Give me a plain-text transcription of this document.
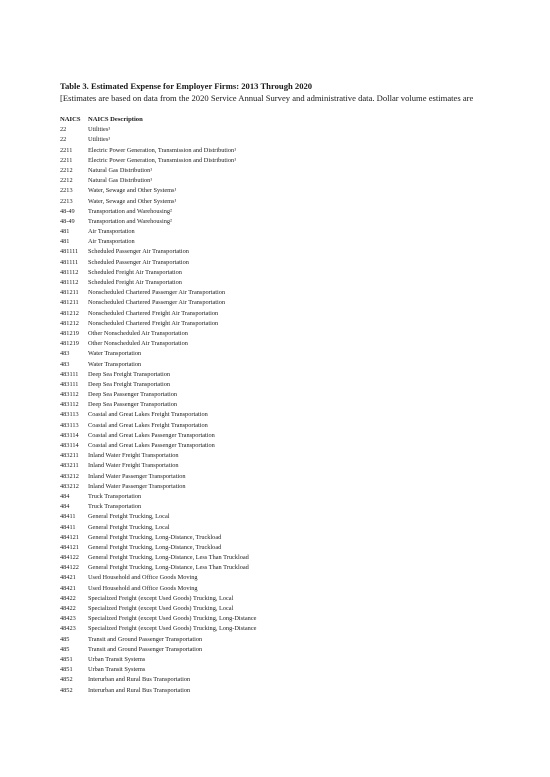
Table 3. Estimated Expense for Employer Firms: 2013 Through 2020
[Estimates are based on data from the 2020 Service Annual Survey and administrative data. Dollar volume estimates are
NAICS	NAICS Description
22	Utilities¹
22	Utilities¹
2211	Electric Power Generation, Transmission and Distribution¹
2211	Electric Power Generation, Transmission and Distribution¹
2212	Natural Gas Distribution¹
2212	Natural Gas Distribution¹
2213	Water, Sewage and Other Systems¹
2213	Water, Sewage and Other Systems¹
48-49	Transportation and Warehousing²
48-49	Transportation and Warehousing²
481	Air Transportation
481	Air Transportation
481111	Scheduled Passenger Air Transportation
481111	Scheduled Passenger Air Transportation
481112	Scheduled Freight Air Transportation
481112	Scheduled Freight Air Transportation
481211	Nonscheduled Chartered Passenger Air Transportation
481211	Nonscheduled Chartered Passenger Air Transportation
481212	Nonscheduled Chartered Freight Air Transportation
481212	Nonscheduled Chartered Freight Air Transportation
481219	Other Nonscheduled Air Transportation
481219	Other Nonscheduled Air Transportation
483	Water Transportation
483	Water Transportation
483111	Deep Sea Freight Transportation
483111	Deep Sea Freight Transportation
483112	Deep Sea Passenger Transportation
483112	Deep Sea Passenger Transportation
483113	Coastal and Great Lakes Freight Transportation
483113	Coastal and Great Lakes Freight Transportation
483114	Coastal and Great Lakes Passenger Transportation
483114	Coastal and Great Lakes Passenger Transportation
483211	Inland Water Freight Transportation
483211	Inland Water Freight Transportation
483212	Inland Water Passenger Transportation
483212	Inland Water Passenger Transportation
484	Truck Transportation
484	Truck Transportation
48411	General Freight Trucking, Local
48411	General Freight Trucking, Local
484121	General Freight Trucking, Long-Distance, Truckload
484121	General Freight Trucking, Long-Distance, Truckload
484122	General Freight Trucking, Long-Distance, Less Than Truckload
484122	General Freight Trucking, Long-Distance, Less Than Truckload
48421	Used Household and Office Goods Moving
48421	Used Household and Office Goods Moving
48422	Specialized Freight (except Used Goods) Trucking, Local
48422	Specialized Freight (except Used Goods) Trucking, Local
48423	Specialized Freight (except Used Goods) Trucking, Long-Distance
48423	Specialized Freight (except Used Goods) Trucking, Long-Distance
485	Transit and Ground Passenger Transportation
485	Transit and Ground Passenger Transportation
4851	Urban Transit Systems
4851	Urban Transit Systems
4852	Interurban and Rural Bus Transportation
4852	Interurban and Rural Bus Transportation
